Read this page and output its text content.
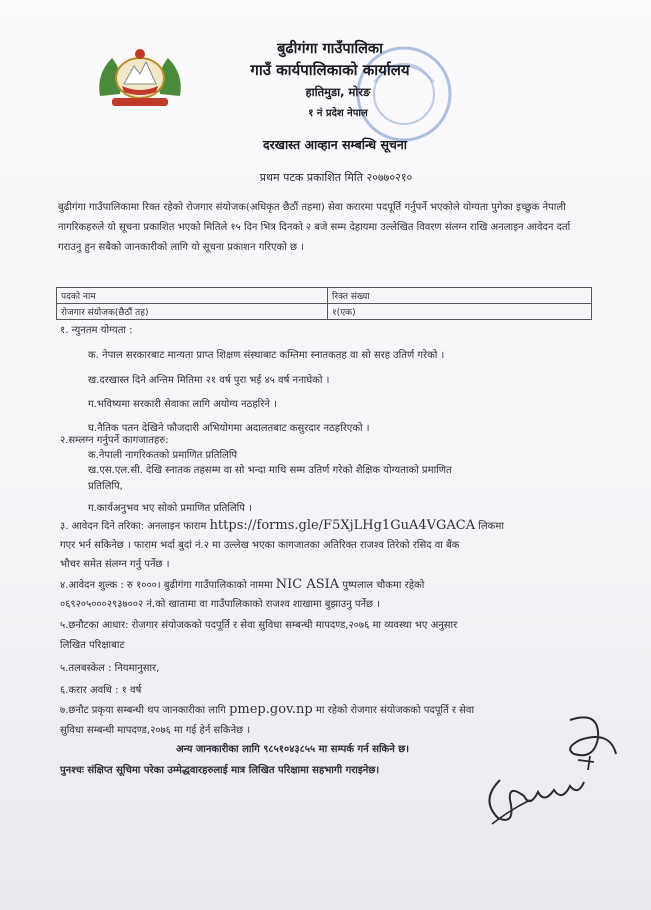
बुढीगंगा गाउँपालिका
गाउँ कार्यपालिकाको कार्यालय
हातिमुडा, मोरङ
१ नं प्रदेश नेपाल
दरखास्त आव्हान सम्बन्धि सूचना
प्रथम पटक प्रकाशित मिति २०७७०२१०
बुढीगंगा गाउँपालिकामा रिक्त रहेको रोजगार संयोजक(अधिकृत छैठौं तहमा) सेवा करारमा पदपूर्ति गर्नुपर्ने भएकोले योग्यता पुगेका इच्छुक नेपाली नागरिकहरुले यो सूचना प्रकाशित भएको मितिले १५ दिन भित्र दिनको २ बजे सम्म देहायमा उल्लेखित विवरण संलग्न राखि अनलाइन आवेदन दर्ता गराउनु हुन सबैको जानकारीको लागि यो सूचना प्रकाशन गरिएको छ ।
पदको नाम	रिक्त संख्या
रोजगार संयोजक(छैठौं तह)	१(एक)
१. न्युनतम योग्यता :
क. नेपाल सरकारबाट मान्यता प्राप्त शिक्षण संस्थाबाट कम्तिमा स्नातकतह वा सो सरह उतिर्ण गरेको ।
ख.दरखास्त दिने अन्तिम मितिमा २१ वर्ष पुरा भई ४५ वर्ष ननाघेको ।
ग.भविष्यमा सरकारी सेवाका लागि अयोग्य नठहरिने ।
घ.नैतिक पतन देखिने फौजदारी अभियोगमा अदालतबाट कसुरदार नठहरिएको ।
२.सम्लग्न गर्नुपर्ने कागजातहरु:
क.नेपाली नागरिकतको प्रमाणित प्रतिलिपि
ख.एस.एल.सी. देखि स्नातक तहसम्म वा सो भन्दा माथि सम्म उतिर्ण गरेको शैक्षिक योग्यताको प्रमाणित
प्रतिलिपि,
ग.कार्यअनुभव भए सोको प्रमाणित प्रतिलिपि ।
३. आवेदन दिने तरिका: अनलाइन फाराम https://forms.gle/F5XjLHg1GuA4VGACA लिकमा
गएर भर्न सकिनेछ । फाराम भर्दा बुदां नं.२ मा उल्लेख भएका कागजातका अतिरिक्त राजश्व तिरेको रसिद वा बैंक
भौचर समेत संलग्न गर्नु पर्नेछ ।
४.आवेदन शुल्क : रु १०००। बुढीगंगा गाउँपालिकाको नाममा NIC ASIA पुष्पलाल चौकमा रहेको
०६९२०५०००२९३७००२ नं.को खातामा वा गाउँपालिकाको राजश्व शाखामा बुझाउनु पर्नेछ ।
५.छनौटका आधार: रोजगार संयोजकको पदपूर्ति र सेवा सुविधा सम्बन्धी मापदण्ड,२०७६ मा व्यवस्था भए अनुसार
लिखित परिक्षाबाट
५.तलबस्केल : नियमानुसार,
६.करार अवधि : १ वर्ष
७.छनौट प्रकृया सम्बन्धी थप जानकारीका लागि pmep.gov.np मा रहेको रोजगार संयोजकको पदपूर्ति र सेवा
सुविधा सम्बन्धी मापदण्ड,२०७६ मा गई हेर्न सकिनेछ ।
अन्य जानकारीका लागि ९८५१०४३८५५ मा सम्पर्क गर्न सकिने छ।
पुनश्चः संक्षिप्त सूचिमा परेका उम्मेद्धवारहरुलाई मात्र लिखित परिक्षामा सहभागी गराइनेछ।
